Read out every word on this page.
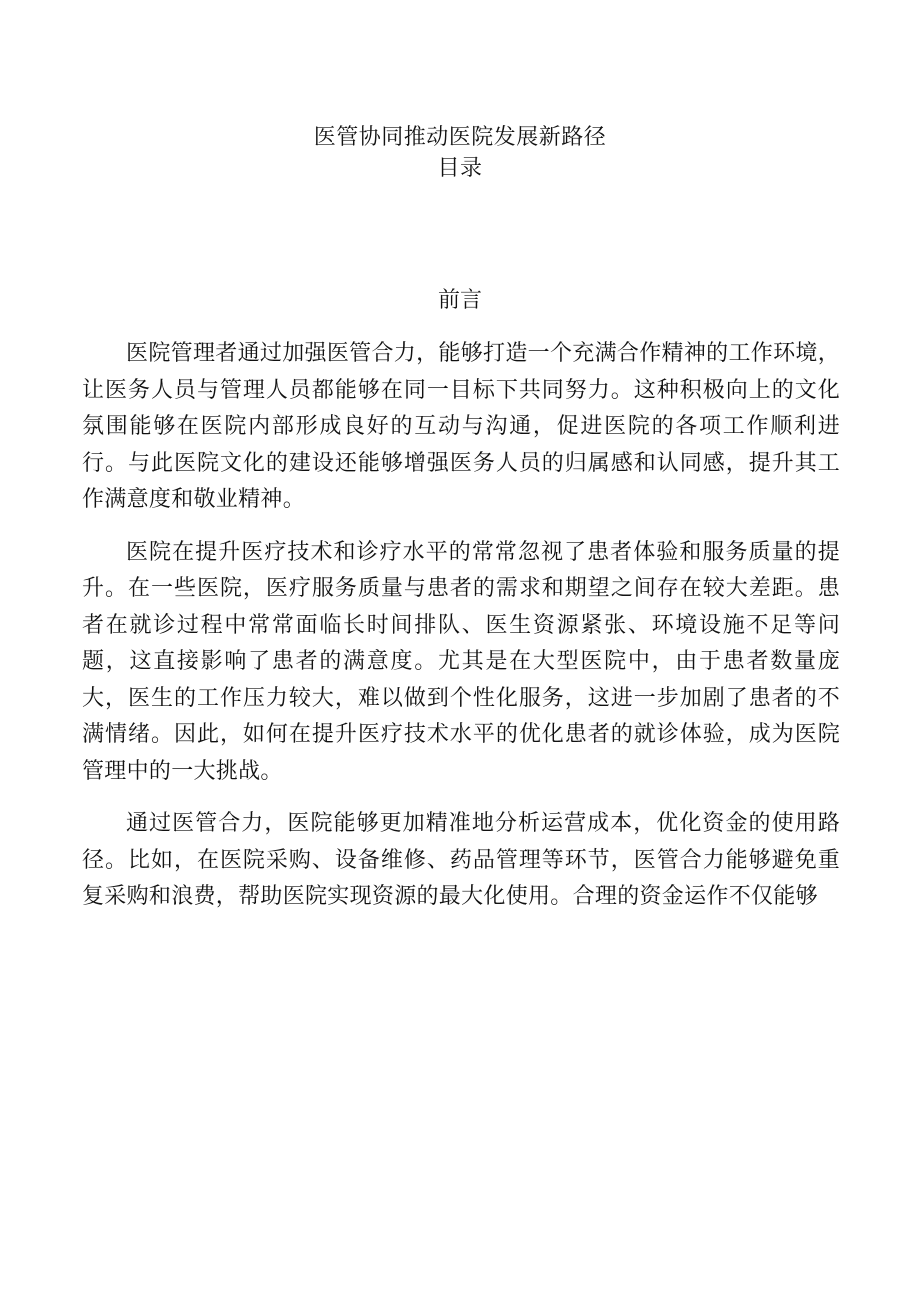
医管协同推动医院发展新路径
目录
前言

医院管理者通过加强医管合力，能够打造一个充满合作精神的工作环境，让医务人员与管理人员都能够在同一目标下共同努力。这种积极向上的文化氛围能够在医院内部形成良好的互动与沟通，促进医院的各项工作顺利进行。与此医院文化的建设还能够增强医务人员的归属感和认同感，提升其工作满意度和敬业精神。

医院在提升医疗技术和诊疗水平的常常忽视了患者体验和服务质量的提升。在一些医院，医疗服务质量与患者的需求和期望之间存在较大差距。患者在就诊过程中常常面临长时间排队、医生资源紧张、环境设施不足等问题，这直接影响了患者的满意度。尤其是在大型医院中，由于患者数量庞大，医生的工作压力较大，难以做到个性化服务，这进一步加剧了患者的不满情绪。因此，如何在提升医疗技术水平的优化患者的就诊体验，成为医院管理中的一大挑战。

通过医管合力，医院能够更加精准地分析运营成本，优化资金的使用路径。比如，在医院采购、设备维修、药品管理等环节，医管合力能够避免重复采购和浪费，帮助医院实现资源的最大化使用。合理的资金运作不仅能够
